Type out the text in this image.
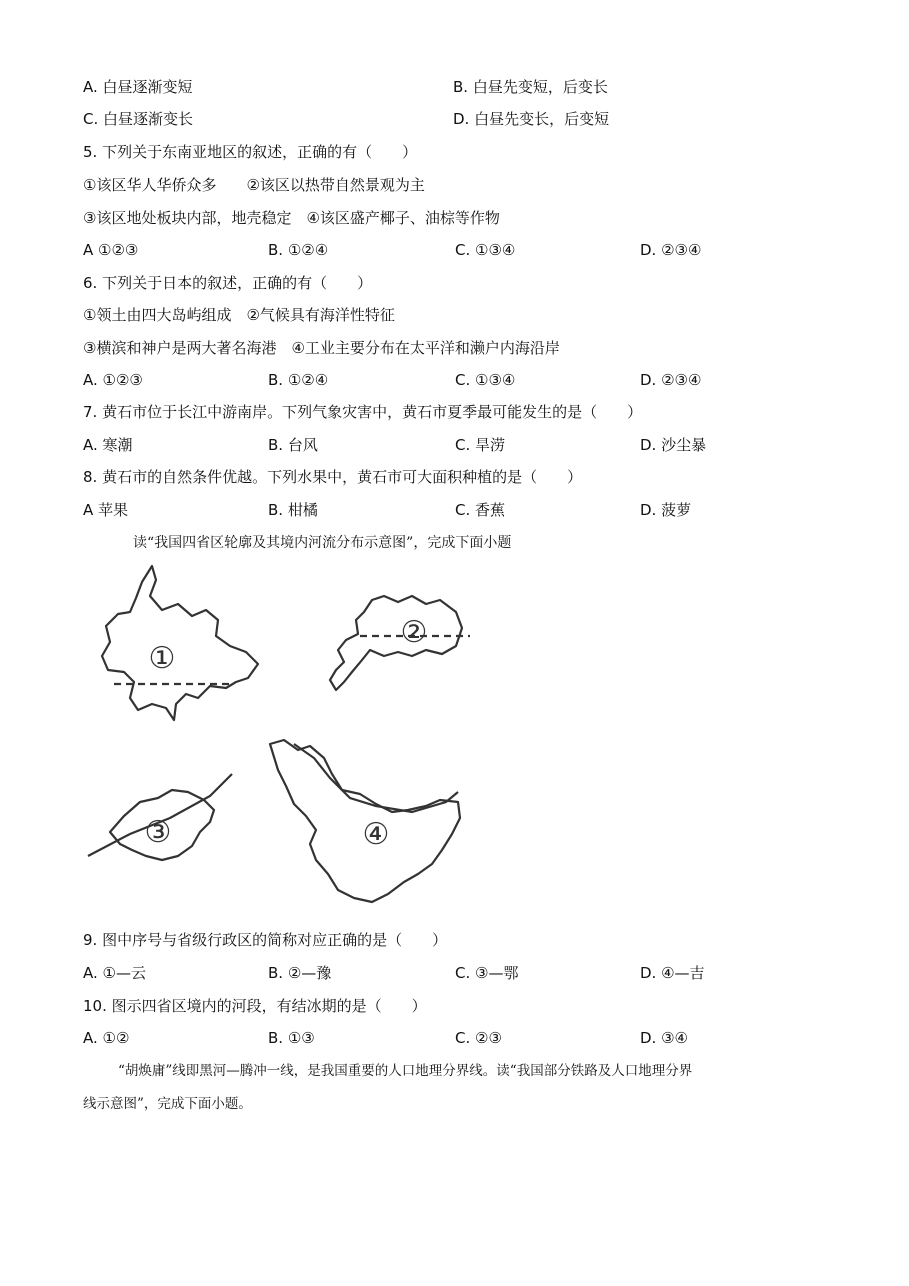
A. 白昼逐渐变短	B. 白昼先变短，后变长
C. 白昼逐渐变长	D. 白昼先变长，后变短
5. 下列关于东南亚地区的叙述，正确的有（　　）
①该区华人华侨众多　　②该区以热带自然景观为主
③该区地处板块内部，地壳稳定　④该区盛产椰子、油棕等作物
A ①②③	B. ①②④	C. ①③④	D. ②③④
6. 下列关于日本的叙述，正确的有（　　）
①领土由四大岛屿组成　②气候具有海洋性特征
③横滨和神户是两大著名海港　④工业主要分布在太平洋和濑户内海沿岸
A. ①②③	B. ①②④	C. ①③④	D. ②③④
7. 黄石市位于长江中游南岸。下列气象灾害中，黄石市夏季最可能发生的是（　　）
A. 寒潮	B. 台风	C. 旱涝	D. 沙尘暴
8. 黄石市的自然条件优越。下列水果中，黄石市可大面积种植的是（　　）
A 苹果	B. 柑橘	C. 香蕉	D. 菠萝
读“我国四省区轮廓及其境内河流分布示意图”，完成下面小题
①
②
③	④
9. 图中序号与省级行政区的简称对应正确的是（　　）
A. ①—云	B. ②—豫	C. ③—鄂	D. ④—吉
10. 图示四省区境内的河段，有结冰期的是（　　）
A. ①②	B. ①③	C. ②③	D. ③④
“胡焕庸”线即黑河—腾冲一线，是我国重要的人口地理分界线。读“我国部分铁路及人口地理分界
线示意图”，完成下面小题。
